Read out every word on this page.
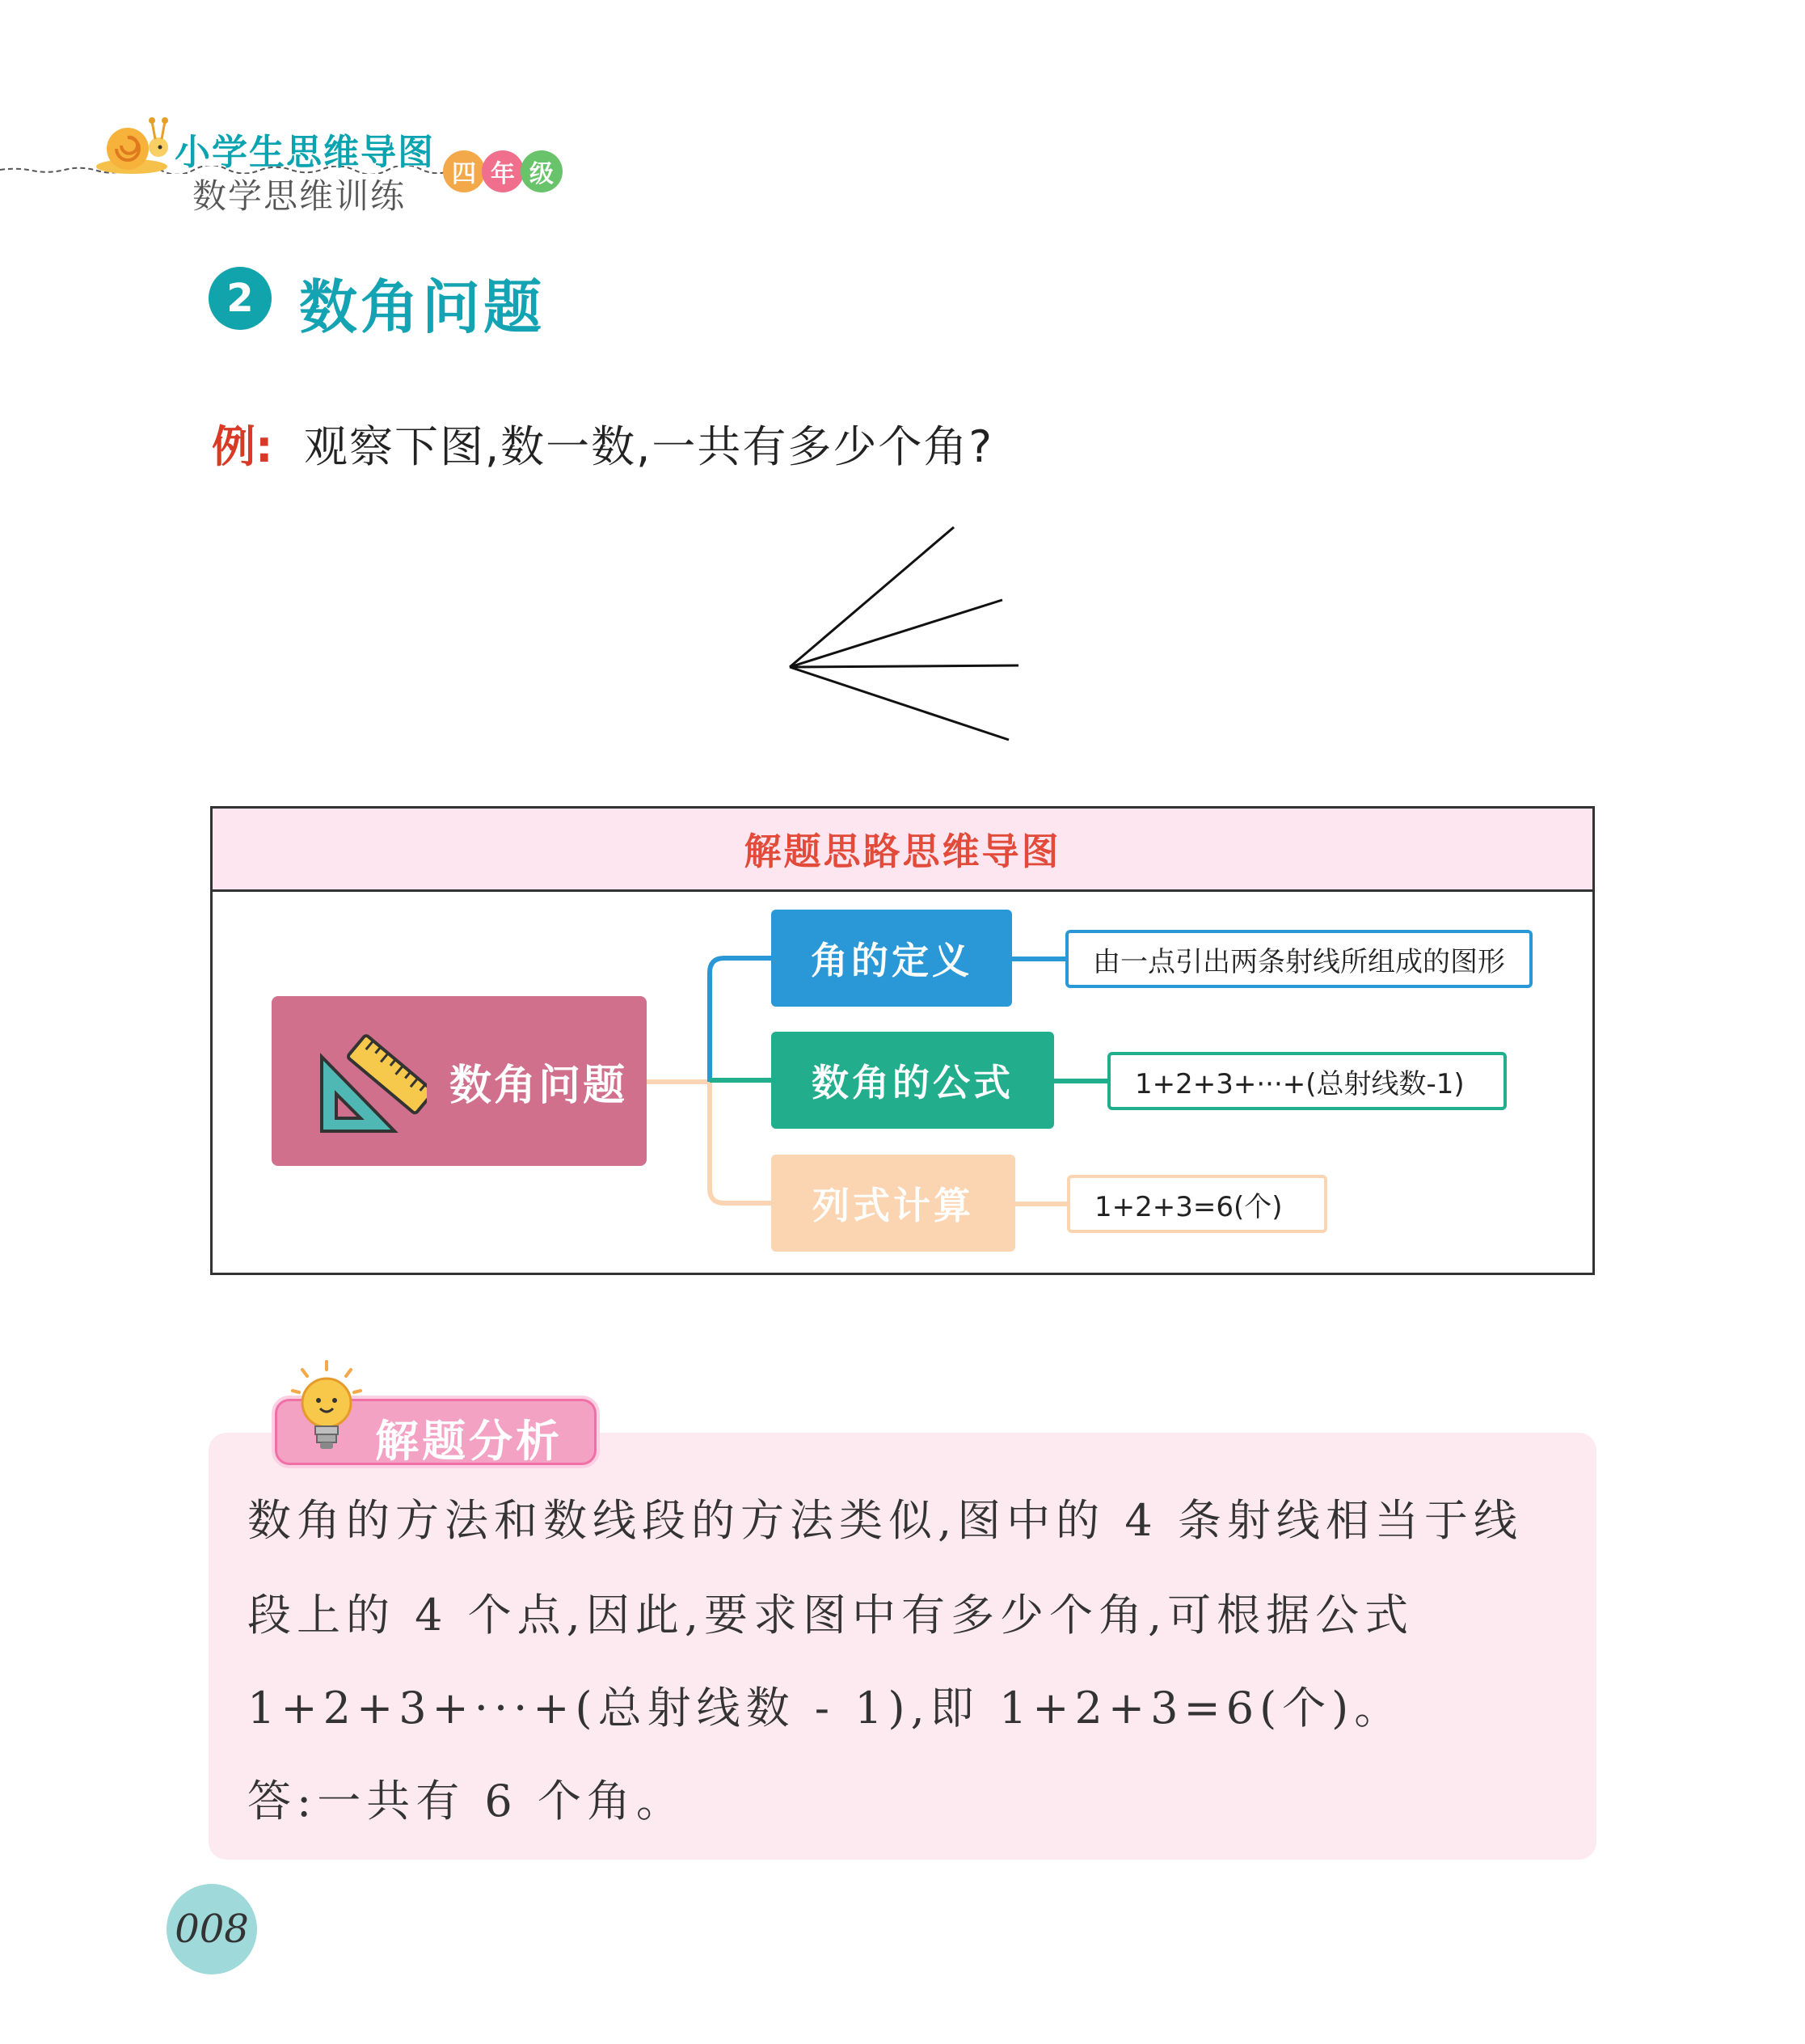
小学生思维导图
数学思维训练
四 年 级
2 数角问题
例: 观察下图,数一数,一共有多少个角?
解题思路思维导图
数角问题
角的定义
数角的公式
列式计算
由一点引出两条射线所组成的图形
1+2+3+···+(总射线数-1)
1+2+3=6(个)
解题分析
数角的方法和数线段的方法类似,图中的 4 条射线相当于线
段上的 4 个点,因此,要求图中有多少个角,可根据公式
1+2+3+···+(总射线数 - 1),即 1+2+3=6(个)。
答:一共有 6 个角。
008
